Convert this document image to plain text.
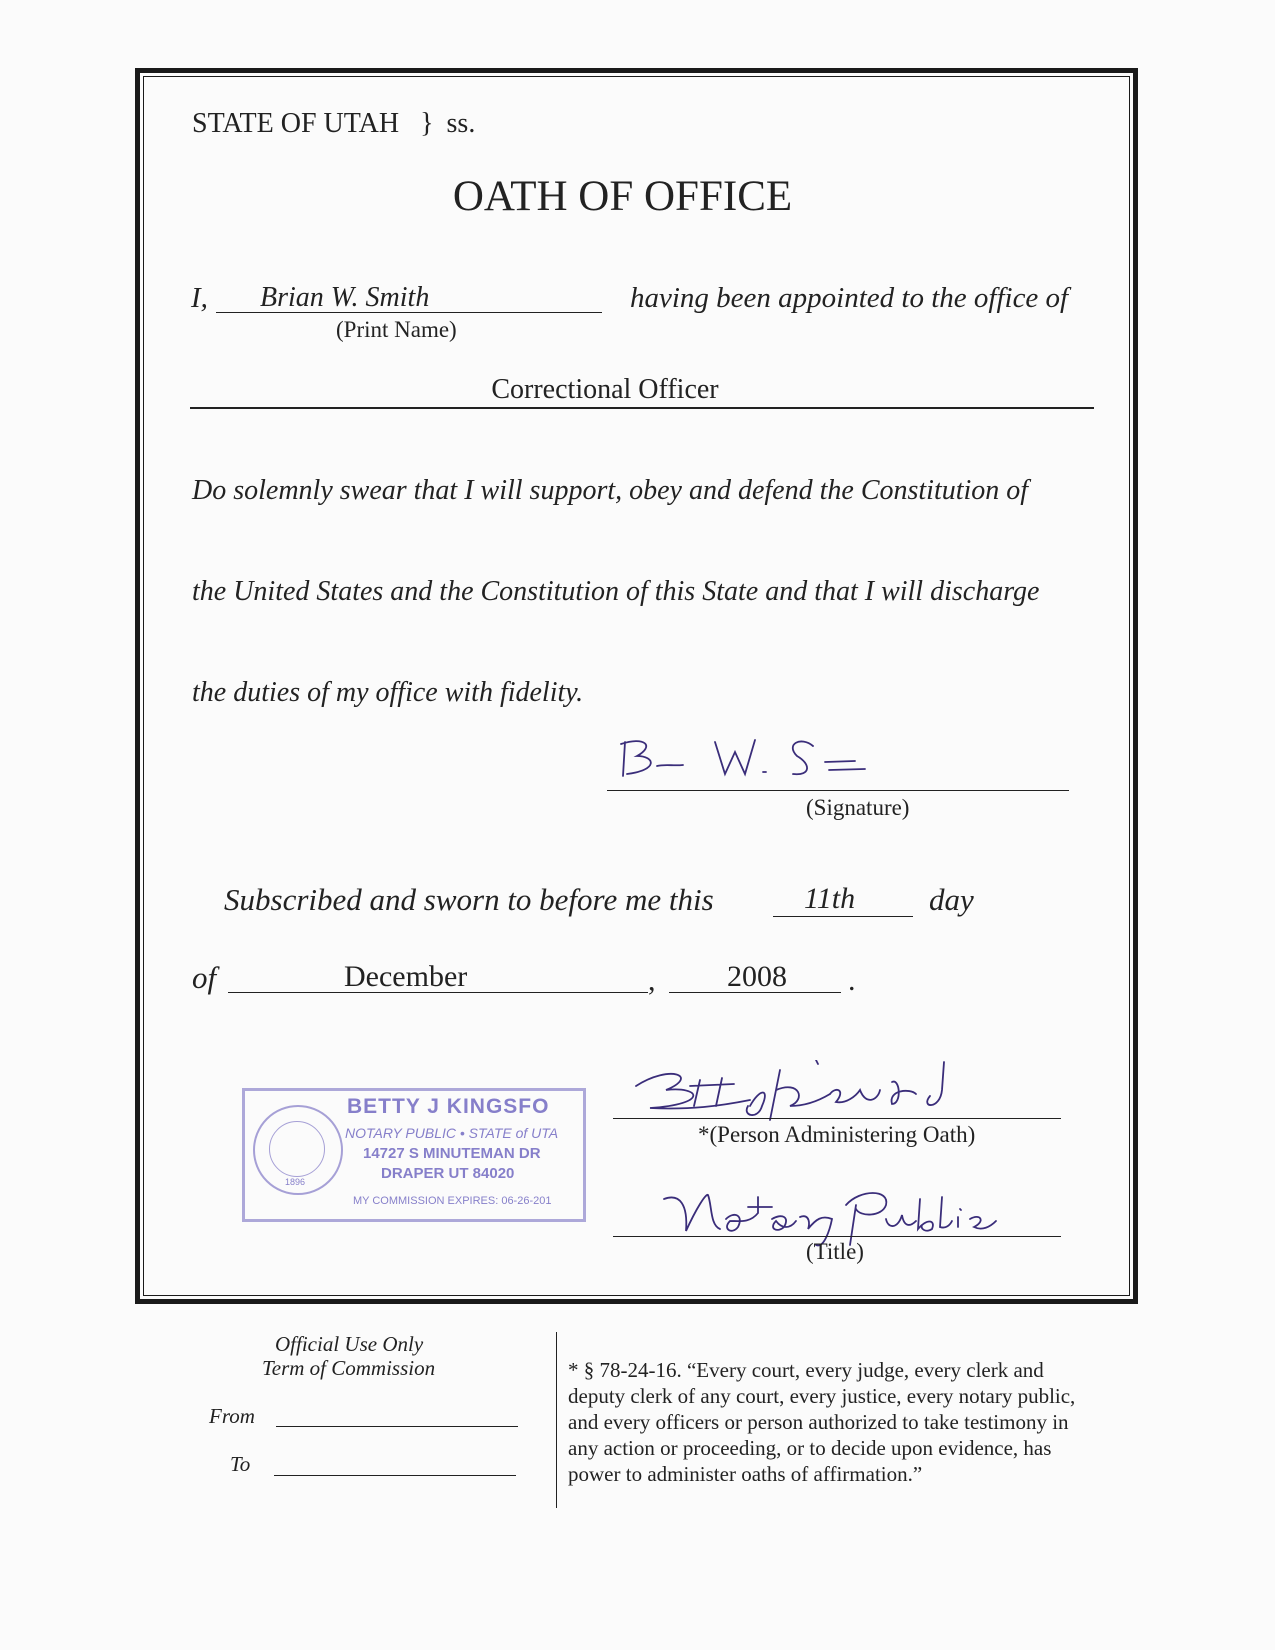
STATE OF UTAH } ss.
OATH OF OFFICE
I, Brian W. Smith
(Print Name)
having been appointed to the office of
Correctional Officer
Do solemnly swear that I will support, obey and defend the Constitution of
the United States and the Constitution of this State and that I will discharge
the duties of my office with fidelity.
(Signature)
Subscribed and sworn to before me this	11th day
of	December	, 2008 .
1896
BETTY J KINGSFO
NOTARY PUBLIC • STATE of UTA
14727 S MINUTEMAN DR
DRAPER UT 84020
MY COMMISSION EXPIRES: 06-26-201
*(Person Administering Oath)
(Title)
Official Use Only
Term of Commission
From
To
* § 78-24-16. “Every court, every judge, every clerk and
deputy clerk of any court, every justice, every notary public,
and every officers or person authorized to take testimony in
any action or proceeding, or to decide upon evidence, has
power to administer oaths of affirmation.”
